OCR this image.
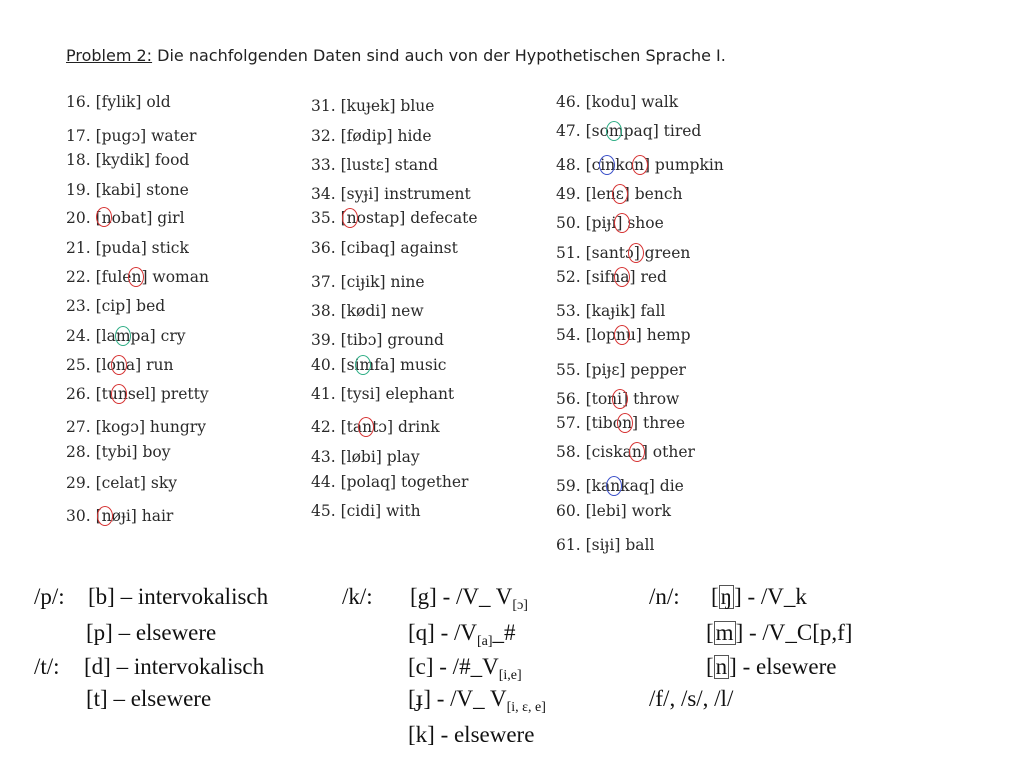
Problem 2: Die nachfolgenden Daten sind auch von der Hypothetischen Sprache I.
16. [fylik] old
17. [pugɔ] water
18. [kydik] food
19. [kabi] stone
20. [nobat] girl
21. [puda] stick
22. [fulen] woman
23. [cip] bed
24. [lampa] cry
25. [lona] run
26. [tunsel] pretty
27. [kogɔ] hungry
28. [tybi] boy
29. [celat] sky
30. [nøɟi] hair
31. [kuɟek] blue
32. [fødip] hide
33. [lustɛ] stand
34. [syɟi] instrument
35. [nostap] defecate
36. [cibaq] against
37. [ciɟik] nine
38. [kødi] new
39. [tibɔ] ground
40. [simfa] music
41. [tysi] elephant
42. [tantɔ] drink
43. [løbi] play
44. [polaq] together
45. [cidi] with
46. [kodu] walk
47. [sompaq] tired
48. [cinkon] pumpkin
49. [lenɛ] bench
50. [piɟi] shoe
51. [santɔ] green
52. [sifna] red
53. [kaɟik] fall
54. [lopnu] hemp
55. [piɟɛ] pepper
56. [toni] throw
57. [tibon] three
58. [ciskan] other
59. [kankaq] die
60. [lebi] work
61. [siɟi] ball
/p/: [b] – intervokalisch
[p] – elsewere
/t/: [d] – intervokalisch
[t] – elsewere
/k/: [g] - /V_ $V_{[ɔ]}$
$[q] - /V_{[a]}\_\#$
$[c] - /\#\_V_{[i,e]}$
[ɟ] - /V_ $V_{[i, ɛ, e]}$
[k] - elsewere
/n/: [ŋ] - /V_k
[m] - /V_C[p,f]
[n] - elsewere
/f/, /s/, /l/
